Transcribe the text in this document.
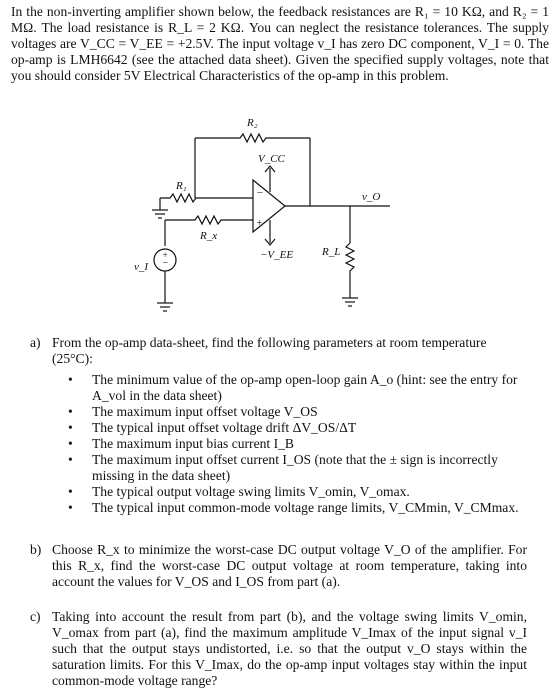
In the non-inverting amplifier shown below, the feedback resistances are R₁ = 10 KΩ, and R₂ = 1 MΩ. The load resistance is R_L = 2 KΩ. You can neglect the resistance tolerances. The supply voltages are V_CC = V_EE = +2.5V. The input voltage v_I has zero DC component, V_I = 0. The op-amp is LMH6642 (see the attached data sheet). Given the specified supply voltages, note that you should consider 5V Electrical Characteristics of the op-amp in this problem.

R₂
V_CC
R₁
v_O
R_x
−V_EE	R_L
v_I
+
−
+
−
a) From the op-amp data-sheet, find the following parameters at room temperature (25°C):
• The minimum value of the op-amp open-loop gain A_o (hint: see the entry for A_vol in the data sheet)
• The maximum input offset voltage V_OS
• The typical input offset voltage drift ΔV_OS/ΔT
• The maximum input bias current I_B
• The maximum input offset current I_OS (note that the ± sign is incorrectly missing in the data sheet)
• The typical output voltage swing limits V_omin, V_omax.
• The typical input common-mode voltage range limits, V_CMmin, V_CMmax.
b) Choose R_x to minimize the worst-case DC output voltage V_O of the amplifier. For this R_x, find the worst-case DC output voltage at room temperature, taking into account the values for V_OS and I_OS from part (a).
c) Taking into account the result from part (b), and the voltage swing limits V_omin, V_omax from part (a), find the maximum amplitude V_Imax of the input signal v_I such that the output stays undistorted, i.e. so that the output v_O stays within the saturation limits. For this V_Imax, do the op-amp input voltages stay within the input common-mode voltage range?
